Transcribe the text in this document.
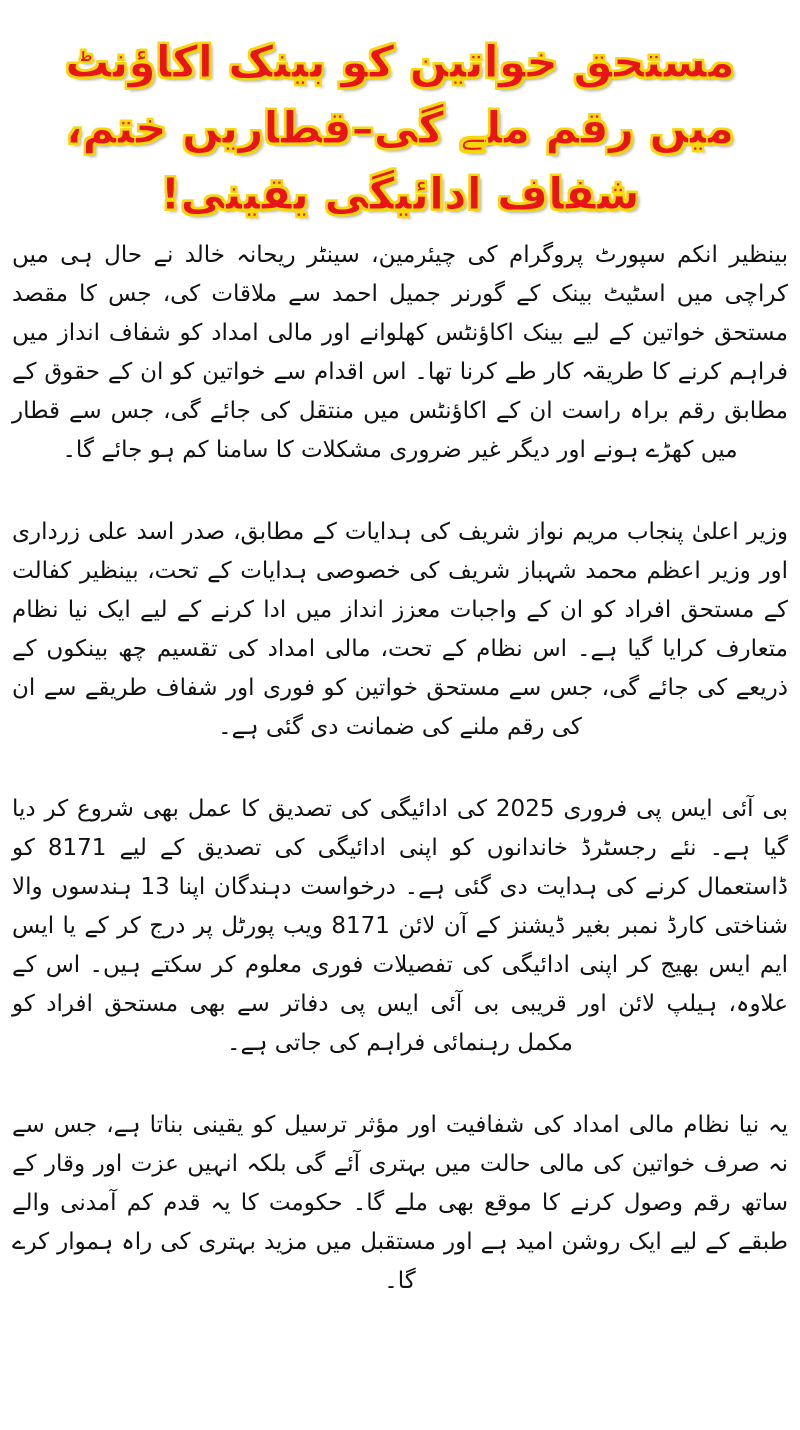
مستحق خواتین کو بینک اکاؤنٹ میں رقم ملے گی–قطاریں ختم، شفاف ادائیگی یقینی!

بینظیر انکم سپورٹ پروگرام کی چیئرمین، سینٹر ریحانہ خالد نے حال ہی میں کراچی میں اسٹیٹ بینک کے گورنر جمیل احمد سے ملاقات کی، جس کا مقصد مستحق خواتین کے لیے بینک اکاؤنٹس کھلوانے اور مالی امداد کو شفاف انداز میں فراہم کرنے کا طریقہ کار طے کرنا تھا۔ اس اقدام سے خواتین کو ان کے حقوق کے مطابق رقم براہ راست ان کے اکاؤنٹس میں منتقل کی جائے گی، جس سے قطار میں کھڑے ہونے اور دیگر غیر ضروری مشکلات کا سامنا کم ہو جائے گا۔

وزیر اعلیٰ پنجاب مریم نواز شریف کی ہدایات کے مطابق، صدر اسد علی زرداری اور وزیر اعظم محمد شہباز شریف کی خصوصی ہدایات کے تحت، بینظیر کفالت کے مستحق افراد کو ان کے واجبات معزز انداز میں ادا کرنے کے لیے ایک نیا نظام متعارف کرایا گیا ہے۔ اس نظام کے تحت، مالی امداد کی تقسیم چھ بینکوں کے ذریعے کی جائے گی، جس سے مستحق خواتین کو فوری اور شفاف طریقے سے ان کی رقم ملنے کی ضمانت دی گئی ہے۔

بی آئی ایس پی فروری 2025 کی ادائیگی کی تصدیق کا عمل بھی شروع کر دیا گیا ہے۔ نئے رجسٹرڈ خاندانوں کو اپنی ادائیگی کی تصدیق کے لیے 8171 کو ڈاستعمال کرنے کی ہدایت دی گئی ہے۔ درخواست دہندگان اپنا 13 ہندسوں والا شناختی کارڈ نمبر بغیر ڈیشنز کے آن لائن 8171 ویب پورٹل پر درج کر کے یا ایس ایم ایس بھیج کر اپنی ادائیگی کی تفصیلات فوری معلوم کر سکتے ہیں۔ اس کے علاوہ، ہیلپ لائن اور قریبی بی آئی ایس پی دفاتر سے بھی مستحق افراد کو مکمل رہنمائی فراہم کی جاتی ہے۔

یہ نیا نظام مالی امداد کی شفافیت اور مؤثر ترسیل کو یقینی بناتا ہے، جس سے نہ صرف خواتین کی مالی حالت میں بہتری آئے گی بلکہ انہیں عزت اور وقار کے ساتھ رقم وصول کرنے کا موقع بھی ملے گا۔ حکومت کا یہ قدم کم آمدنی والے طبقے کے لیے ایک روشن امید ہے اور مستقبل میں مزید بہتری کی راہ ہموار کرے گا۔
